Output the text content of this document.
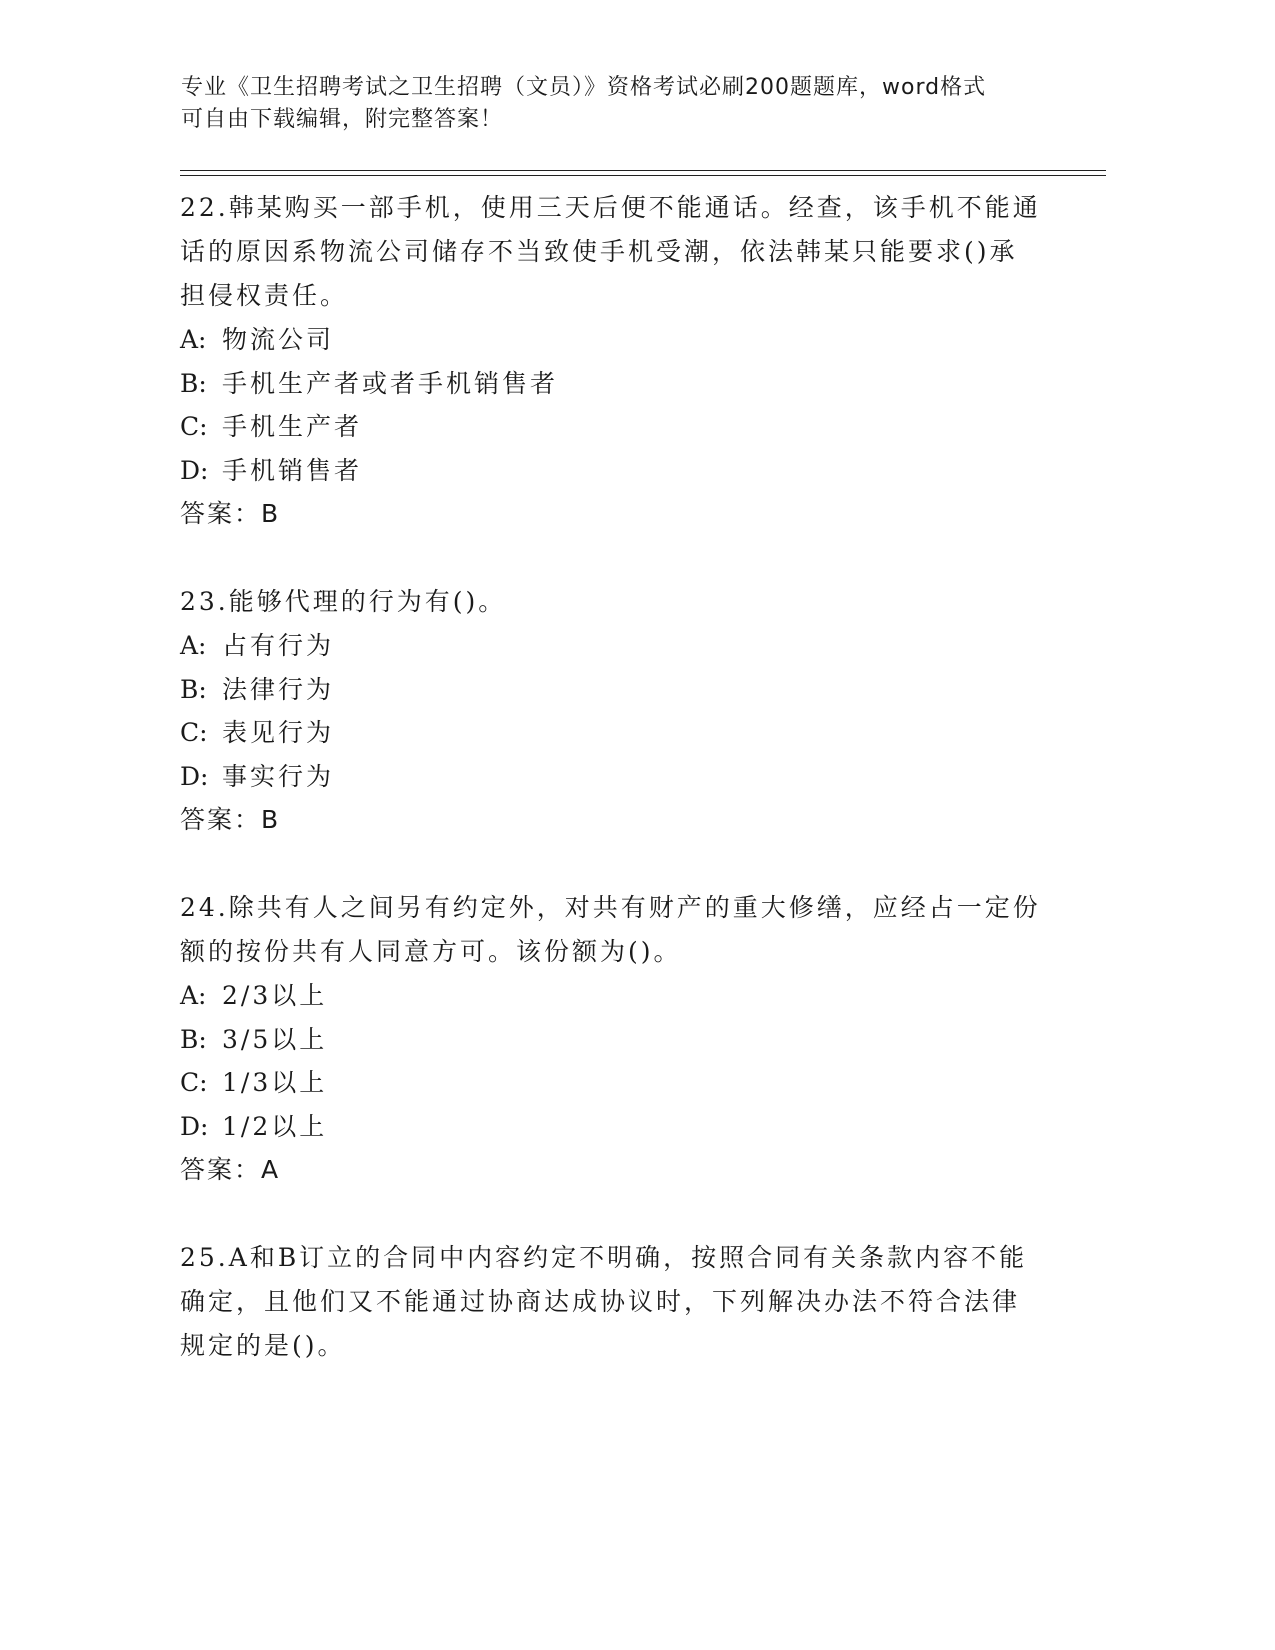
专业《卫生招聘考试之卫生招聘（文员）》资格考试必刷200题题库，word格式
可自由下载编辑，附完整答案！
22.韩某购买一部手机，使用三天后便不能通话。经查，该手机不能通
话的原因系物流公司储存不当致使手机受潮，依法韩某只能要求()承
担侵权责任。
A: 物流公司
B: 手机生产者或者手机销售者
C: 手机生产者
D: 手机销售者
答案：B
23.能够代理的行为有()。
A: 占有行为
B: 法律行为
C: 表见行为
D: 事实行为
答案：B
24.除共有人之间另有约定外，对共有财产的重大修缮，应经占一定份
额的按份共有人同意方可。该份额为()。
A: 2/3以上
B: 3/5以上
C: 1/3以上
D: 1/2以上
答案：A
25.A和B订立的合同中内容约定不明确，按照合同有关条款内容不能
确定，且他们又不能通过协商达成协议时，下列解决办法不符合法律
规定的是()。
